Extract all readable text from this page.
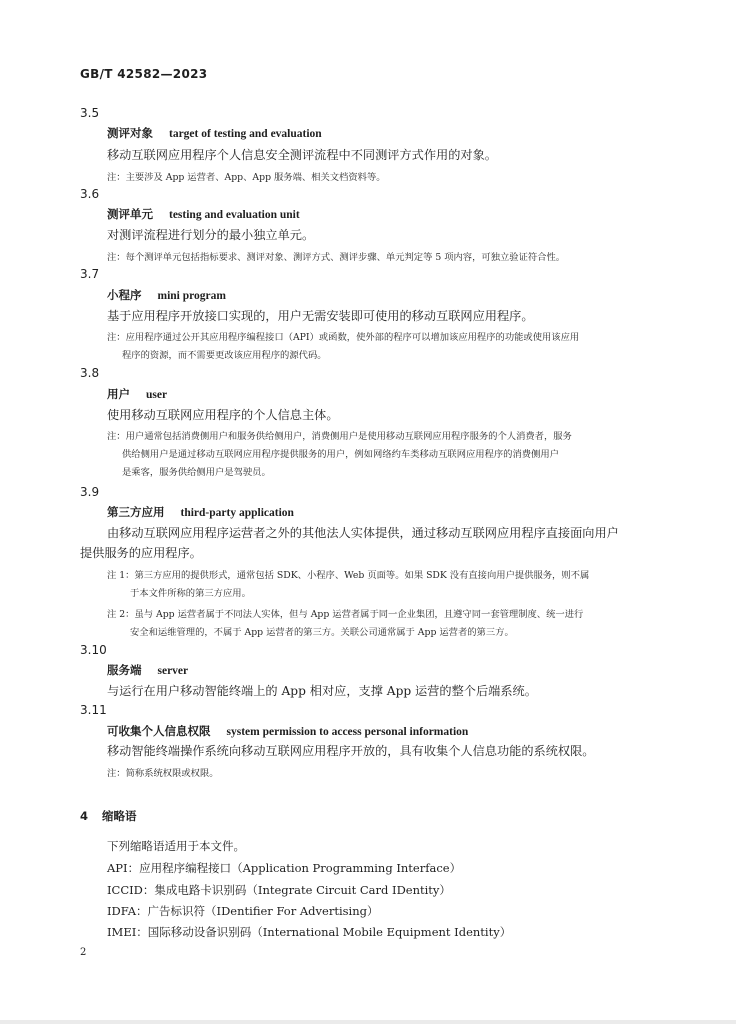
GB/T 42582—2023
3.5
测评对象 target of testing and evaluation
移动互联网应用程序个人信息安全测评流程中不同测评方式作用的对象。
注：主要涉及 App 运营者、App、App 服务端、相关文档资料等。
3.6
测评单元 testing and evaluation unit
对测评流程进行划分的最小独立单元。
注：每个测评单元包括指标要求、测评对象、测评方式、测评步骤、单元判定等 5 项内容，可独立验证符合性。
3.7
小程序 mini program
基于应用程序开放接口实现的，用户无需安装即可使用的移动互联网应用程序。
注：应用程序通过公开其应用程序编程接口（API）或函数，使外部的程序可以增加该应用程序的功能或使用该应用
程序的资源，而不需要更改该应用程序的源代码。
3.8
用户 user
使用移动互联网应用程序的个人信息主体。
注：用户通常包括消费侧用户和服务供给侧用户，消费侧用户是使用移动互联网应用程序服务的个人消费者，服务
供给侧用户是通过移动互联网应用程序提供服务的用户，例如网络约车类移动互联网应用程序的消费侧用户
是乘客，服务供给侧用户是驾驶员。
3.9
第三方应用 third-party application
由移动互联网应用程序运营者之外的其他法人实体提供，通过移动互联网应用程序直接面向用户
提供服务的应用程序。
注 1：第三方应用的提供形式，通常包括 SDK、小程序、Web 页面等。如果 SDK 没有直接向用户提供服务，则不属
于本文件所称的第三方应用。
注 2：虽与 App 运营者属于不同法人实体，但与 App 运营者属于同一企业集团，且遵守同一套管理制度、统一进行
安全和运维管理的，不属于 App 运营者的第三方。关联公司通常属于 App 运营者的第三方。
3.10
服务端 server
与运行在用户移动智能终端上的 App 相对应，支撑 App 运营的整个后端系统。
3.11
可收集个人信息权限 system permission to access personal information
移动智能终端操作系统向移动互联网应用程序开放的，具有收集个人信息功能的系统权限。
注：简称系统权限或权限。
4 缩略语
下列缩略语适用于本文件。
API：应用程序编程接口（Application Programming Interface）
ICCID：集成电路卡识别码（Integrate Circuit Card IDentity）
IDFA：广告标识符（IDentifier For Advertising）
IMEI：国际移动设备识别码（International Mobile Equipment Identity）
2
